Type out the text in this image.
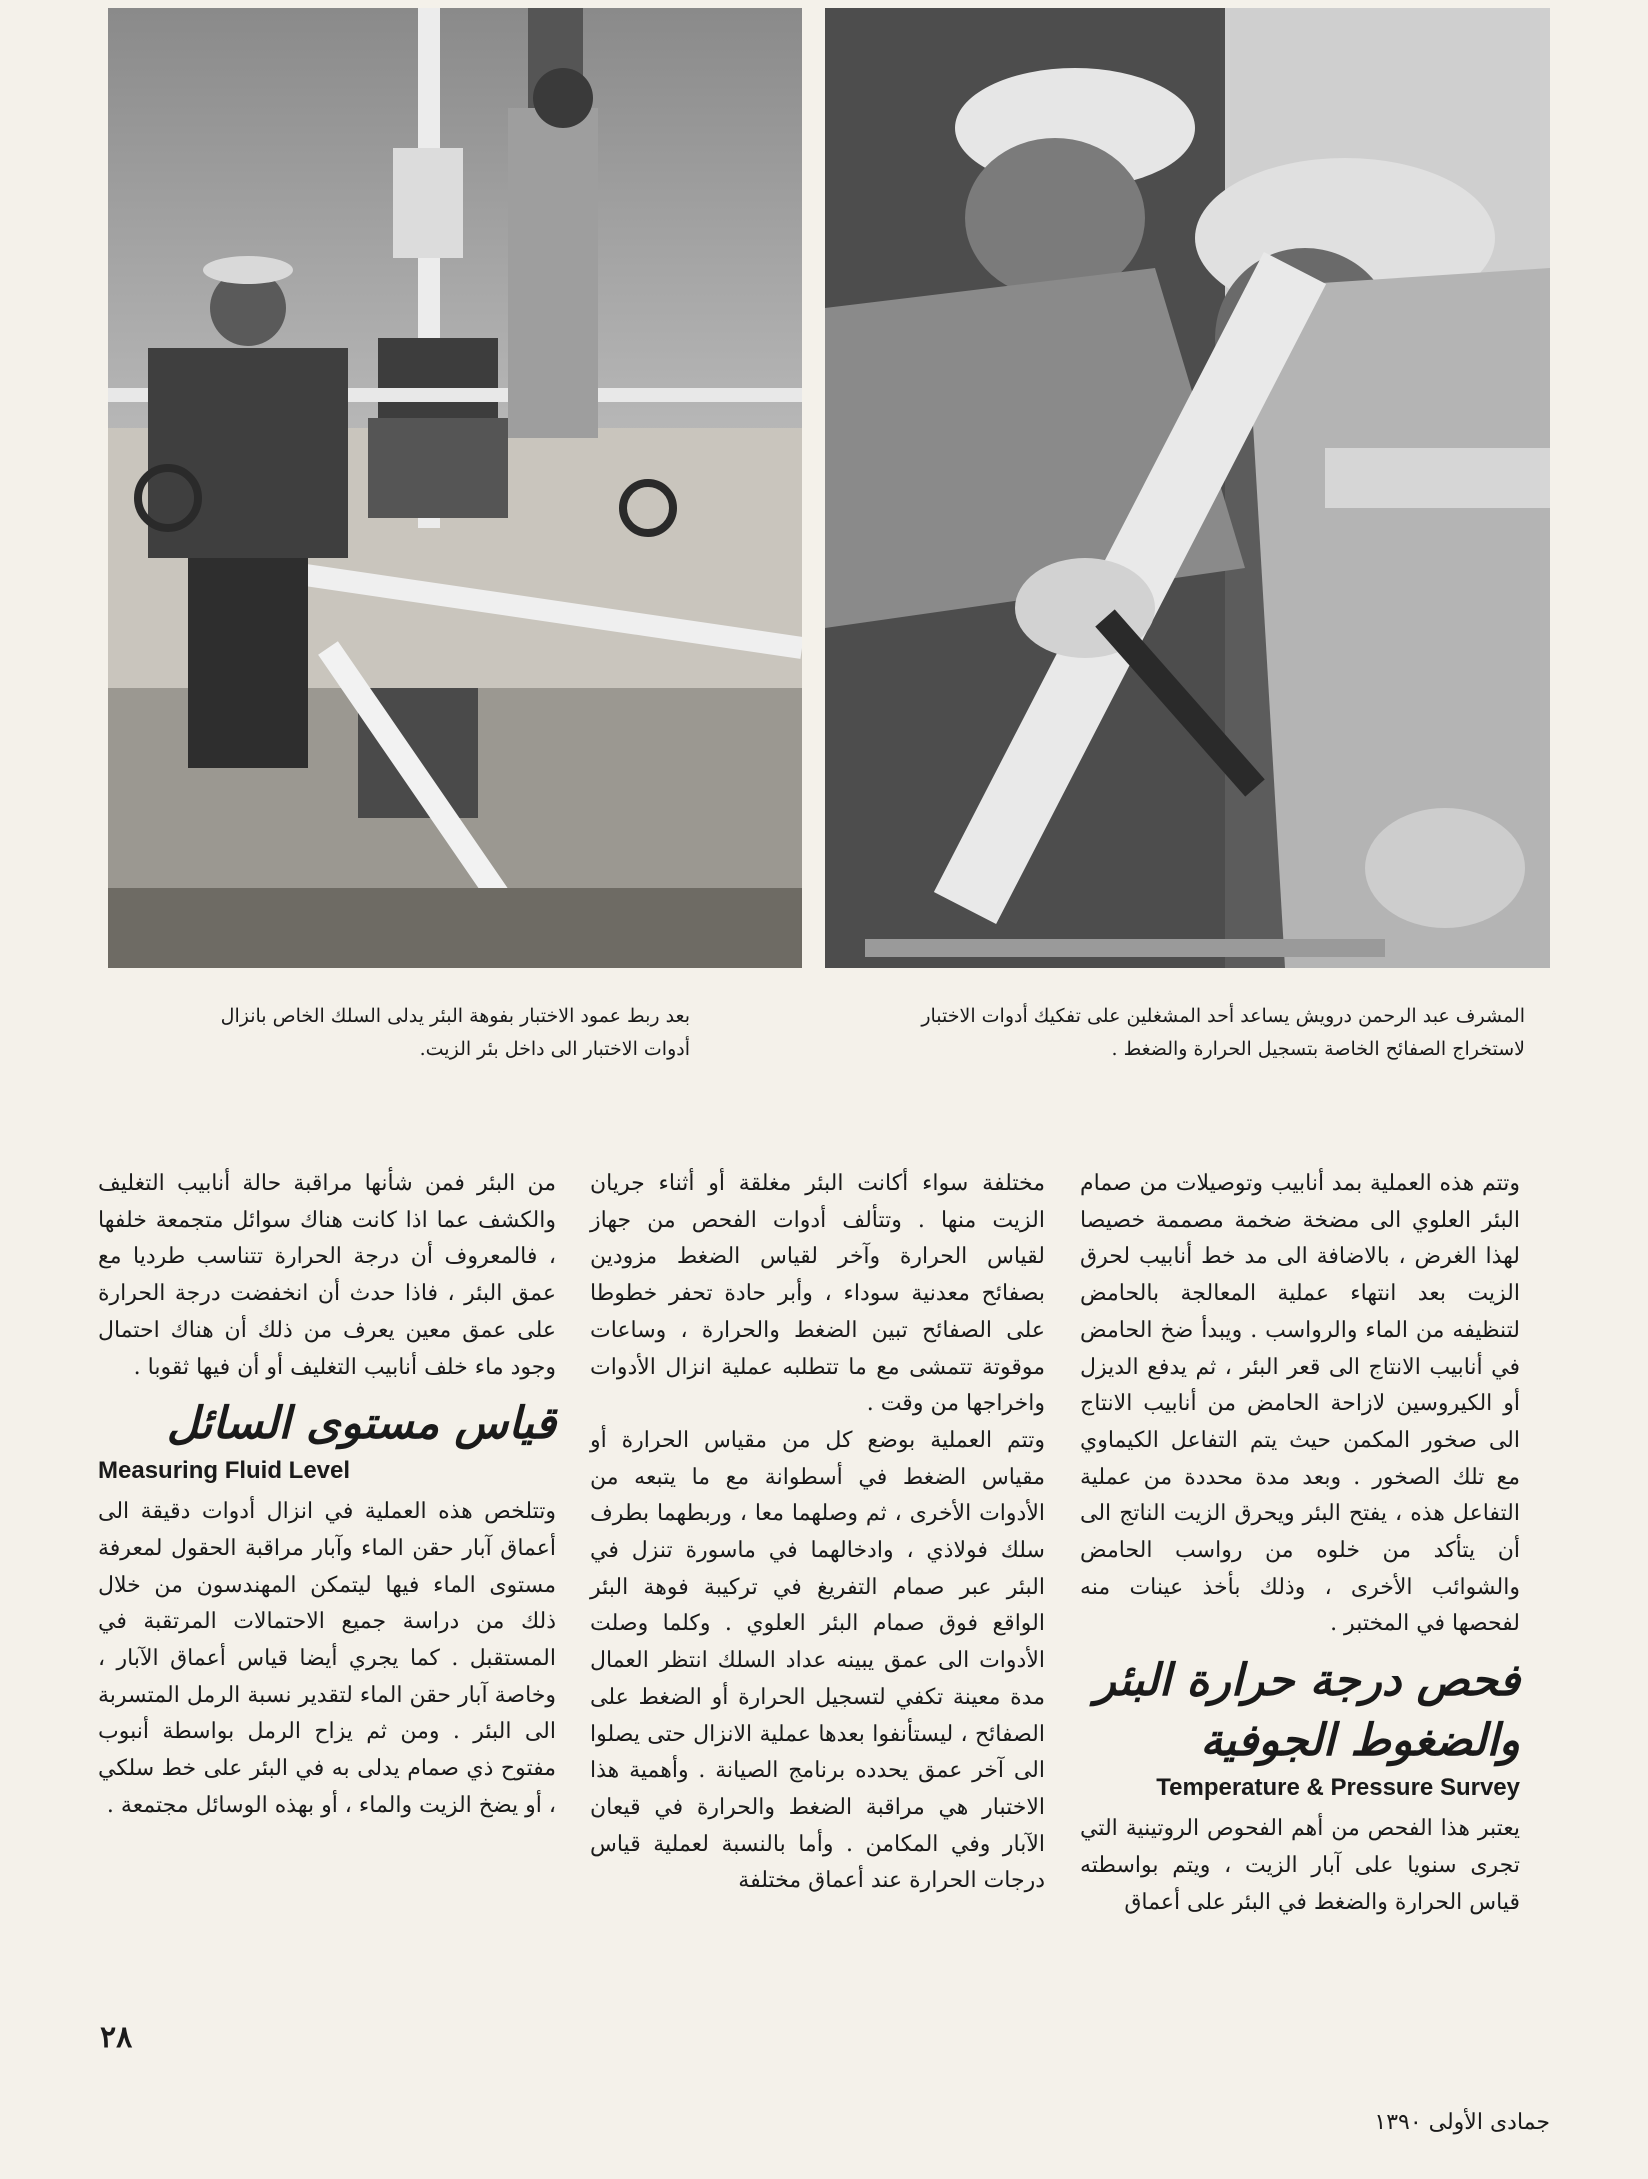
بعد ربط عمود الاختبار بفوهة البئر يدلى السلك الخاص بانزال أدوات الاختبار الى داخل بئر الزيت.
المشرف عبد الرحمن درويش يساعد أحد المشغلين على تفكيك أدوات الاختبار لاستخراج الصفائح الخاصة بتسجيل الحرارة والضغط .

وتتم هذه العملية بمد أنابيب وتوصيلات من صمام البئر العلوي الى مضخة ضخمة مصممة خصيصا لهذا الغرض ، بالاضافة الى مد خط أنابيب لحرق الزيت بعد انتهاء عملية المعالجة بالحامض لتنظيفه من الماء والرواسب . ويبدأ ضخ الحامض في أنابيب الانتاج الى قعر البئر ، ثم يدفع الديزل أو الكيروسين لازاحة الحامض من أنابيب الانتاج الى صخور المكمن حيث يتم التفاعل الكيماوي مع تلك الصخور . وبعد مدة محددة من عملية التفاعل هذه ، يفتح البئر ويحرق الزيت الناتج الى أن يتأكد من خلوه من رواسب الحامض والشوائب الأخرى ، وذلك بأخذ عينات منه لفحصها في المختبر .

فحص درجة حرارة البئر والضغوط الجوفية
Temperature & Pressure Survey

يعتبر هذا الفحص من أهم الفحوص الروتينية التي تجرى سنويا على آبار الزيت ، ويتم بواسطته قياس الحرارة والضغط في البئر على أعماق

مختلفة سواء أكانت البئر مغلقة أو أثناء جريان الزيت منها . وتتألف أدوات الفحص من جهاز لقياس الحرارة وآخر لقياس الضغط مزودين بصفائح معدنية سوداء ، وأبر حادة تحفر خطوطا على الصفائح تبين الضغط والحرارة ، وساعات موقوتة تتمشى مع ما تتطلبه عملية انزال الأدوات واخراجها من وقت .

وتتم العملية بوضع كل من مقياس الحرارة أو مقياس الضغط في أسطوانة مع ما يتبعه من الأدوات الأخرى ، ثم وصلهما معا ، وربطهما بطرف سلك فولاذي ، وادخالهما في ماسورة تنزل في البئر عبر صمام التفريغ في تركيبة فوهة البئر الواقع فوق صمام البئر العلوي . وكلما وصلت الأدوات الى عمق يبينه عداد السلك انتظر العمال مدة معينة تكفي لتسجيل الحرارة أو الضغط على الصفائح ، ليستأنفوا بعدها عملية الانزال حتى يصلوا الى آخر عمق يحدده برنامج الصيانة . وأهمية هذا الاختبار هي مراقبة الضغط والحرارة في قيعان الآبار وفي المكامن . وأما بالنسبة لعملية قياس درجات الحرارة عند أعماق مختلفة

من البئر فمن شأنها مراقبة حالة أنابيب التغليف والكشف عما اذا كانت هناك سوائل متجمعة خلفها ، فالمعروف أن درجة الحرارة تتناسب طرديا مع عمق البئر ، فاذا حدث أن انخفضت درجة الحرارة على عمق معين يعرف من ذلك أن هناك احتمال وجود ماء خلف أنابيب التغليف أو أن فيها ثقوبا .

قياس مستوى السائل
Measuring Fluid Level

وتتلخص هذه العملية في انزال أدوات دقيقة الى أعماق آبار حقن الماء وآبار مراقبة الحقول لمعرفة مستوى الماء فيها ليتمكن المهندسون من خلال ذلك من دراسة جميع الاحتمالات المرتقبة في المستقبل . كما يجري أيضا قياس أعماق الآبار ، وخاصة آبار حقن الماء لتقدير نسبة الرمل المتسربة الى البئر . ومن ثم يزاح الرمل بواسطة أنبوب مفتوح ذي صمام يدلى به في البئر على خط سلكي ، أو يضخ الزيت والماء ، أو بهذه الوسائل مجتمعة .

٢٨
جمادى الأولى ١٣٩٠
